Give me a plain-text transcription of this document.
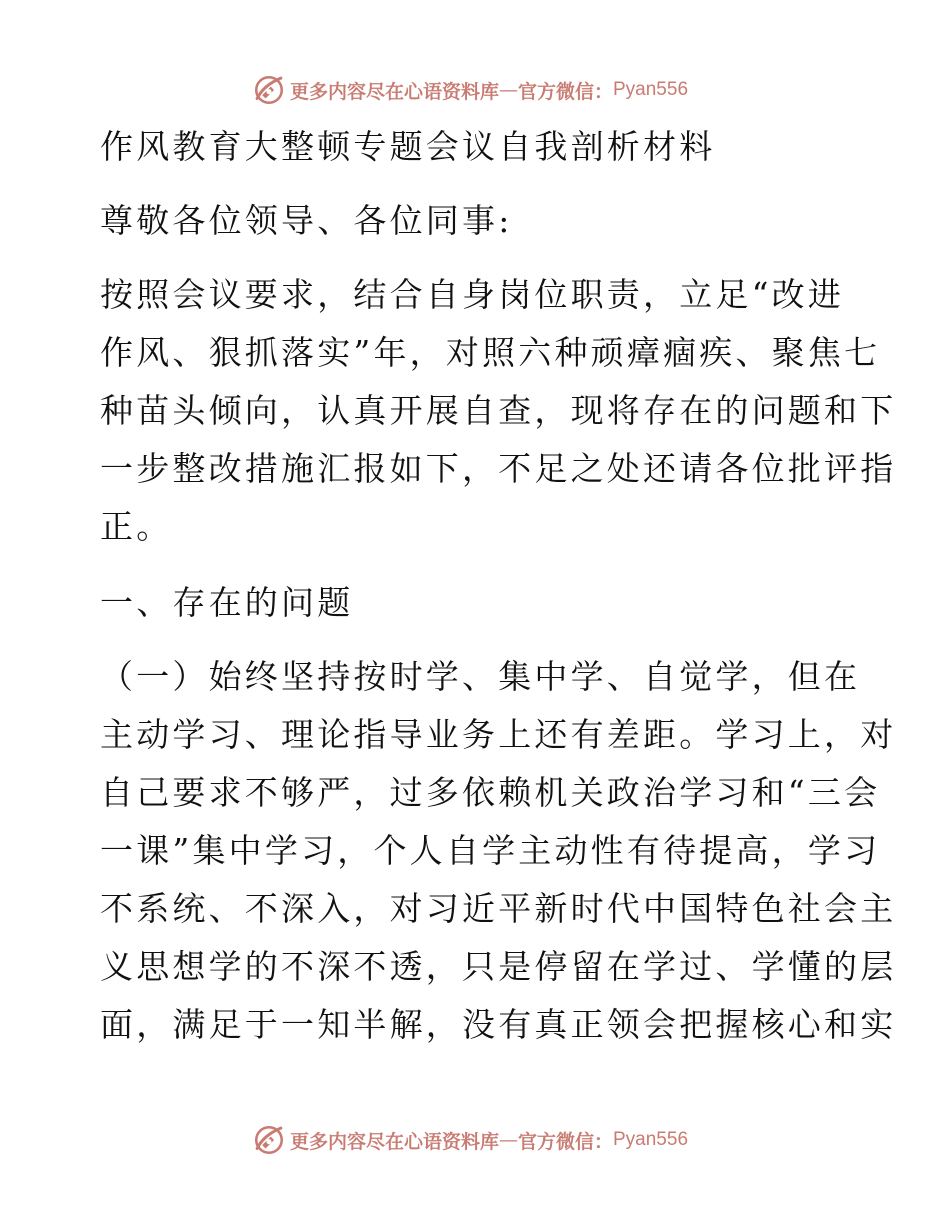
更多内容尽在心语资料库 — 官方微信： Pyan556
作风教育大整顿专题会议自我剖析材料
尊敬各位领导、各位同事:
按照会议要求，结合自身岗位职责，立足“改进
作风、狠抓落实”年，对照六种顽瘴痼疾、聚焦七
种苗头倾向，认真开展自查，现将存在的问题和下
一步整改措施汇报如下，不足之处还请各位批评指
正。
一、存在的问题
（一）始终坚持按时学、集中学、自觉学，但在
主动学习、理论指导业务上还有差距。学习上，对
自己要求不够严，过多依赖机关政治学习和“三会
一课”集中学习，个人自学主动性有待提高，学习
不系统、不深入，对习近平新时代中国特色社会主
义思想学的不深不透，只是停留在学过、学懂的层
面，满足于一知半解，没有真正领会把握核心和实
更多内容尽在心语资料库 — 官方微信： Pyan556
